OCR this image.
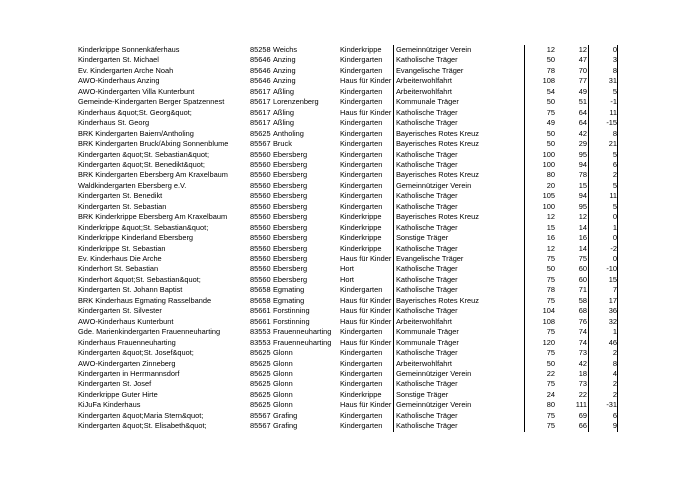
Kinderkrippe Sonnenkäferhaus	85258 Weichs	Kinderkrippe	Gemeinnütziger Verein	12	12	0
Kindergarten St. Michael	85646 Anzing	Kindergarten	Katholische Träger	50	47	3
Ev. Kindergarten Arche Noah	85646 Anzing	Kindergarten	Evangelische Träger	78	70	8
AWO-Kinderhaus Anzing	85646 Anzing	Haus für Kinder Arbeiterwohlfahrt	108	77	31
AWO-Kindergarten Villa Kunterbunt	85617 Aßling	Kindergarten	Arbeiterwohlfahrt	54	49	5
Gemeinde-Kindergarten Berger Spatzennest	85617 Lorenzenberg	Kindergarten	Kommunale Träger	50	51	-1
Kinderhaus &quot;St. Georg&quot;	85617 Aßling	Haus für Kinder Katholische Träger	75	64	11
Kinderhaus St. Georg	85617 Aßling	Kindergarten	Katholische Träger	49	64	-15
BRK Kindergarten Baiern/Antholing	85625 Antholing	Kindergarten	Bayerisches Rotes Kreuz	50	42	8
BRK Kindergarten Bruck/Alxing Sonnenblume	85567 Bruck	Kindergarten	Bayerisches Rotes Kreuz	50	29	21
Kindergarten &quot;St. Sebastian&quot;	85560 Ebersberg	Kindergarten	Katholische Träger	100	95	5
Kindergarten &quot;St. Benedikt&quot;	85560 Ebersberg	Kindergarten	Katholische Träger	100	94	6
BRK Kindergarten Ebersberg Am Kraxelbaum	85560 Ebersberg	Kindergarten	Bayerisches Rotes Kreuz	80	78	2
Waldkindergarten Ebersberg e.V.	85560 Ebersberg	Kindergarten	Gemeinnütziger Verein	20	15	5
Kindergarten St. Benedikt	85560 Ebersberg	Kindergarten	Katholische Träger	105	94	11
Kindergarten St. Sebastian	85560 Ebersberg	Kindergarten	Katholische Träger	100	95	5
BRK Kinderkrippe Ebersberg Am Kraxelbaum	85560 Ebersberg	Kinderkrippe	Bayerisches Rotes Kreuz	12	12	0
Kinderkrippe &quot;St. Sebastian&quot;	85560 Ebersberg	Kinderkrippe	Katholische Träger	15	14	1
Kinderkrippe Kinderland Ebersberg	85560 Ebersberg	Kinderkrippe	Sonstige Träger	16	16	0
Kinderkrippe St. Sebastian	85560 Ebersberg	Kinderkrippe	Katholische Träger	12	14	-2
Ev. Kinderhaus Die Arche	85560 Ebersberg	Haus für Kinder Evangelische Träger	75	75	0
Kinderhort St. Sebastian	85560 Ebersberg	Hort	Katholische Träger	50	60	-10
Kinderhort &quot;St. Sebastian&quot;	85560 Ebersberg	Hort	Katholische Träger	75	60	15
Kindergarten St. Johann Baptist	85658 Egmating	Kindergarten	Katholische Träger	78	71	7
BRK Kinderhaus Egmating Rasselbande	85658 Egmating	Haus für Kinder Bayerisches Rotes Kreuz	75	58	17
Kindergarten St. Silvester	85661 Forstinning	Haus für Kinder Katholische Träger	104	68	36
AWO-Kinderhaus Kunterbunt	85661 Forstinning	Haus für Kinder Arbeiterwohlfahrt	108	76	32
Gde. Marienkindergarten Frauenneuharting	83553 Frauenneuharting	Kindergarten	Kommunale Träger	75	74	1
Kinderhaus Frauenneuharting	83553 Frauenneuharting	Haus für Kinder Kommunale Träger	120	74	46
Kindergarten &quot;St. Josef&quot;	85625 Glonn	Kindergarten	Katholische Träger	75	73	2
AWO-Kindergarten Zinneberg	85625 Glonn	Kindergarten	Arbeiterwohlfahrt	50	42	8
Kindergarten in Herrmannsdorf	85625 Glonn	Kindergarten	Gemeinnütziger Verein	22	18	4
Kindergarten St. Josef	85625 Glonn	Kindergarten	Katholische Träger	75	73	2
Kinderkrippe Guter Hirte	85625 Glonn	Kinderkrippe	Sonstige Träger	24	22	2
KiJuFa Kinderhaus	85625 Glonn	Haus für Kinder Gemeinnütziger Verein	80	111	-31
Kindergarten &quot;Maria Stern&quot;	85567 Grafing	Kindergarten	Katholische Träger	75	69	6
Kindergarten &quot;St. Elisabeth&quot;	85567 Grafing	Kindergarten	Katholische Träger	75	66	9
